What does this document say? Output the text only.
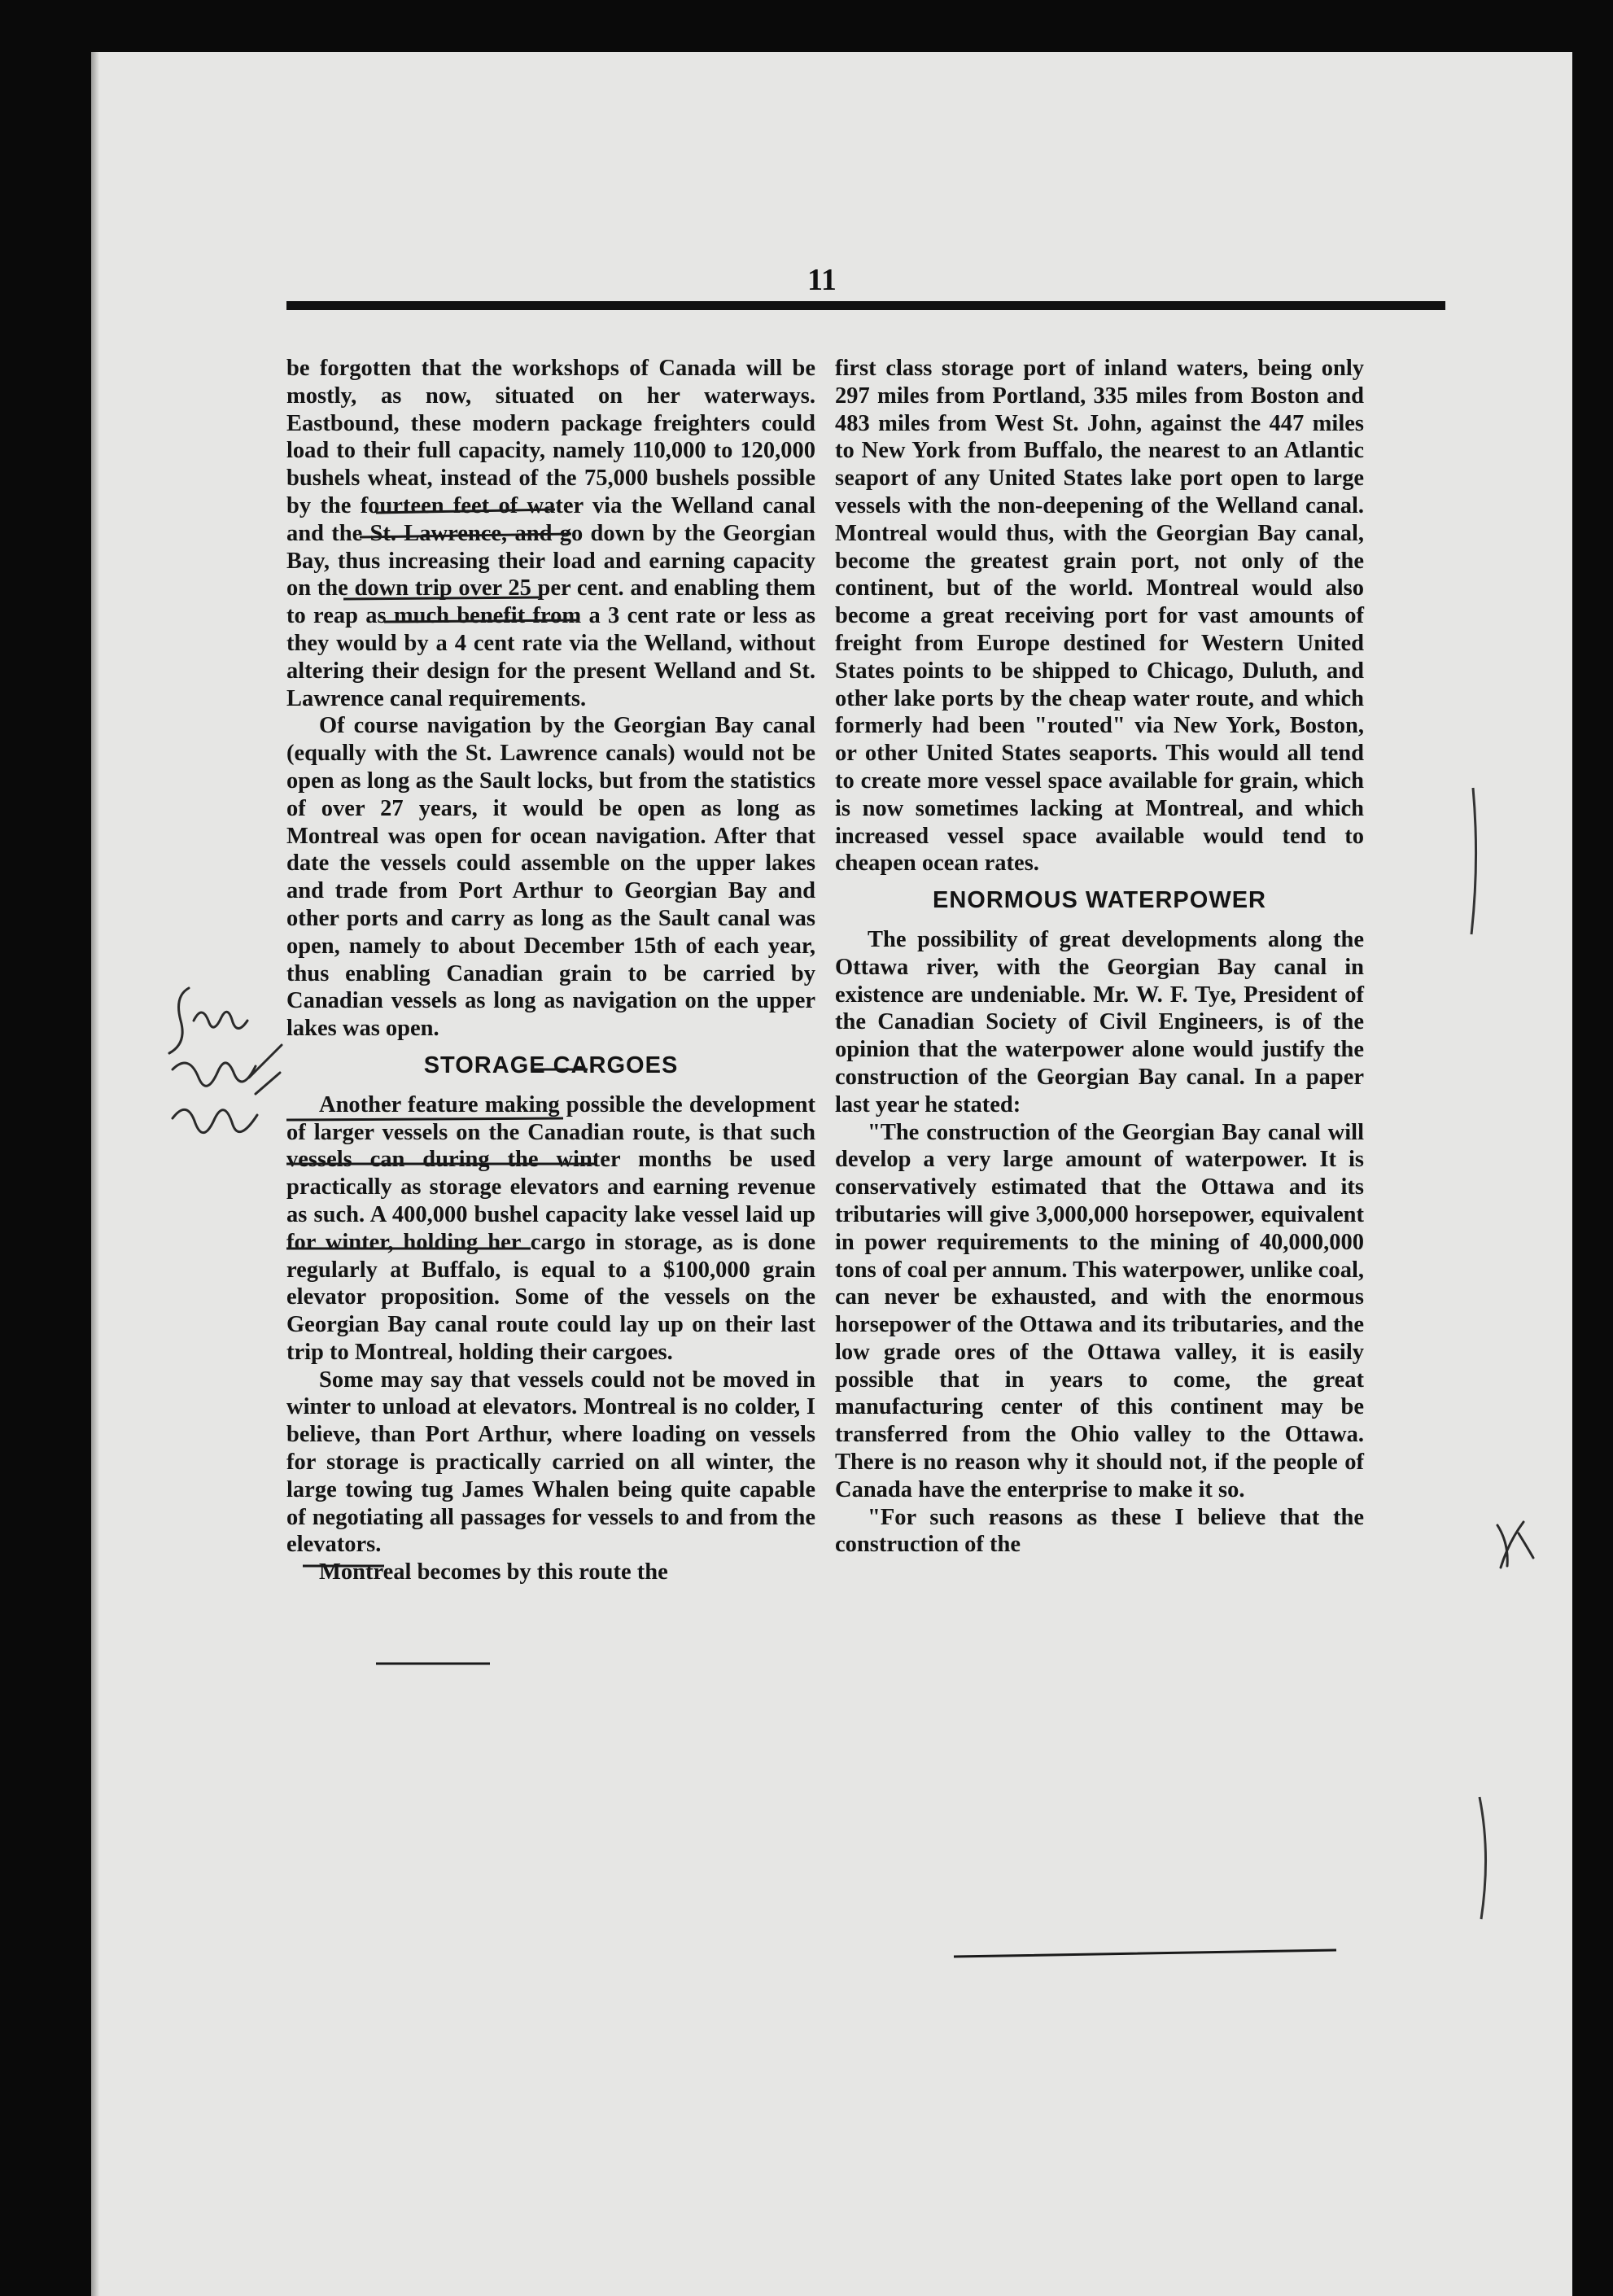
11

be forgotten that the workshops of Canada will be mostly, as now, situated on her waterways. Eastbound, these modern package freighters could load to their full capacity, namely 110,000 to 120,000 bushels wheat, instead of the 75,000 bushels possible by the fourteen feet of water via the Welland canal and the St. Lawrence, and go down by the Georgian Bay, thus increasing their load and earning capacity on the down trip over 25 per cent. and enabling them to reap as much benefit from a 3 cent rate or less as they would by a 4 cent rate via the Welland, without altering their design for the present Welland and St. Lawrence canal requirements.

Of course navigation by the Georgian Bay canal (equally with the St. Lawrence canals) would not be open as long as the Sault locks, but from the statistics of over 27 years, it would be open as long as Montreal was open for ocean navigation. After that date the vessels could assemble on the upper lakes and trade from Port Arthur to Georgian Bay and other ports and carry as long as the Sault canal was open, namely to about December 15th of each year, thus enabling Canadian grain to be carried by Canadian vessels as long as navigation on the upper lakes was open.

STORAGE CARGOES

Another feature making possible the development of larger vessels on the Canadian route, is that such vessels can during the winter months be used practically as storage elevators and earning revenue as such. A 400,000 bushel capacity lake vessel laid up for winter, holding her cargo in storage, as is done regularly at Buffalo, is equal to a $100,000 grain elevator proposition. Some of the vessels on the Georgian Bay canal route could lay up on their last trip to Montreal, holding their cargoes.

Some may say that vessels could not be moved in winter to unload at elevators. Montreal is no colder, I believe, than Port Arthur, where loading on vessels for storage is practically carried on all winter, the large towing tug James Whalen being quite capable of negotiating all passages for vessels to and from the elevators.

Montreal becomes by this route the

first class storage port of inland waters, being only 297 miles from Portland, 335 miles from Boston and 483 miles from West St. John, against the 447 miles to New York from Buffalo, the nearest to an Atlantic seaport of any United States lake port open to large vessels with the non-deepening of the Welland canal. Montreal would thus, with the Georgian Bay canal, become the greatest grain port, not only of the continent, but of the world. Montreal would also become a great receiving port for vast amounts of freight from Europe destined for Western United States points to be shipped to Chicago, Duluth, and other lake ports by the cheap water route, and which formerly had been "routed" via New York, Boston, or other United States seaports. This would all tend to create more vessel space available for grain, which is now sometimes lacking at Montreal, and which increased vessel space available would tend to cheapen ocean rates.

ENORMOUS WATERPOWER

The possibility of great developments along the Ottawa river, with the Georgian Bay canal in existence are undeniable. Mr. W. F. Tye, President of the Canadian Society of Civil Engineers, is of the opinion that the waterpower alone would justify the construction of the Georgian Bay canal. In a paper last year he stated:

"The construction of the Georgian Bay canal will develop a very large amount of waterpower. It is conservatively estimated that the Ottawa and its tributaries will give 3,000,000 horsepower, equivalent in power requirements to the mining of 40,000,000 tons of coal per annum. This waterpower, unlike coal, can never be exhausted, and with the enormous horsepower of the Ottawa and its tributaries, and the low grade ores of the Ottawa valley, it is easily possible that in years to come, the great manufacturing center of this continent may be transferred from the Ohio valley to the Ottawa. There is no reason why it should not, if the people of Canada have the enterprise to make it so.

"For such reasons as these I believe that the construction of the
